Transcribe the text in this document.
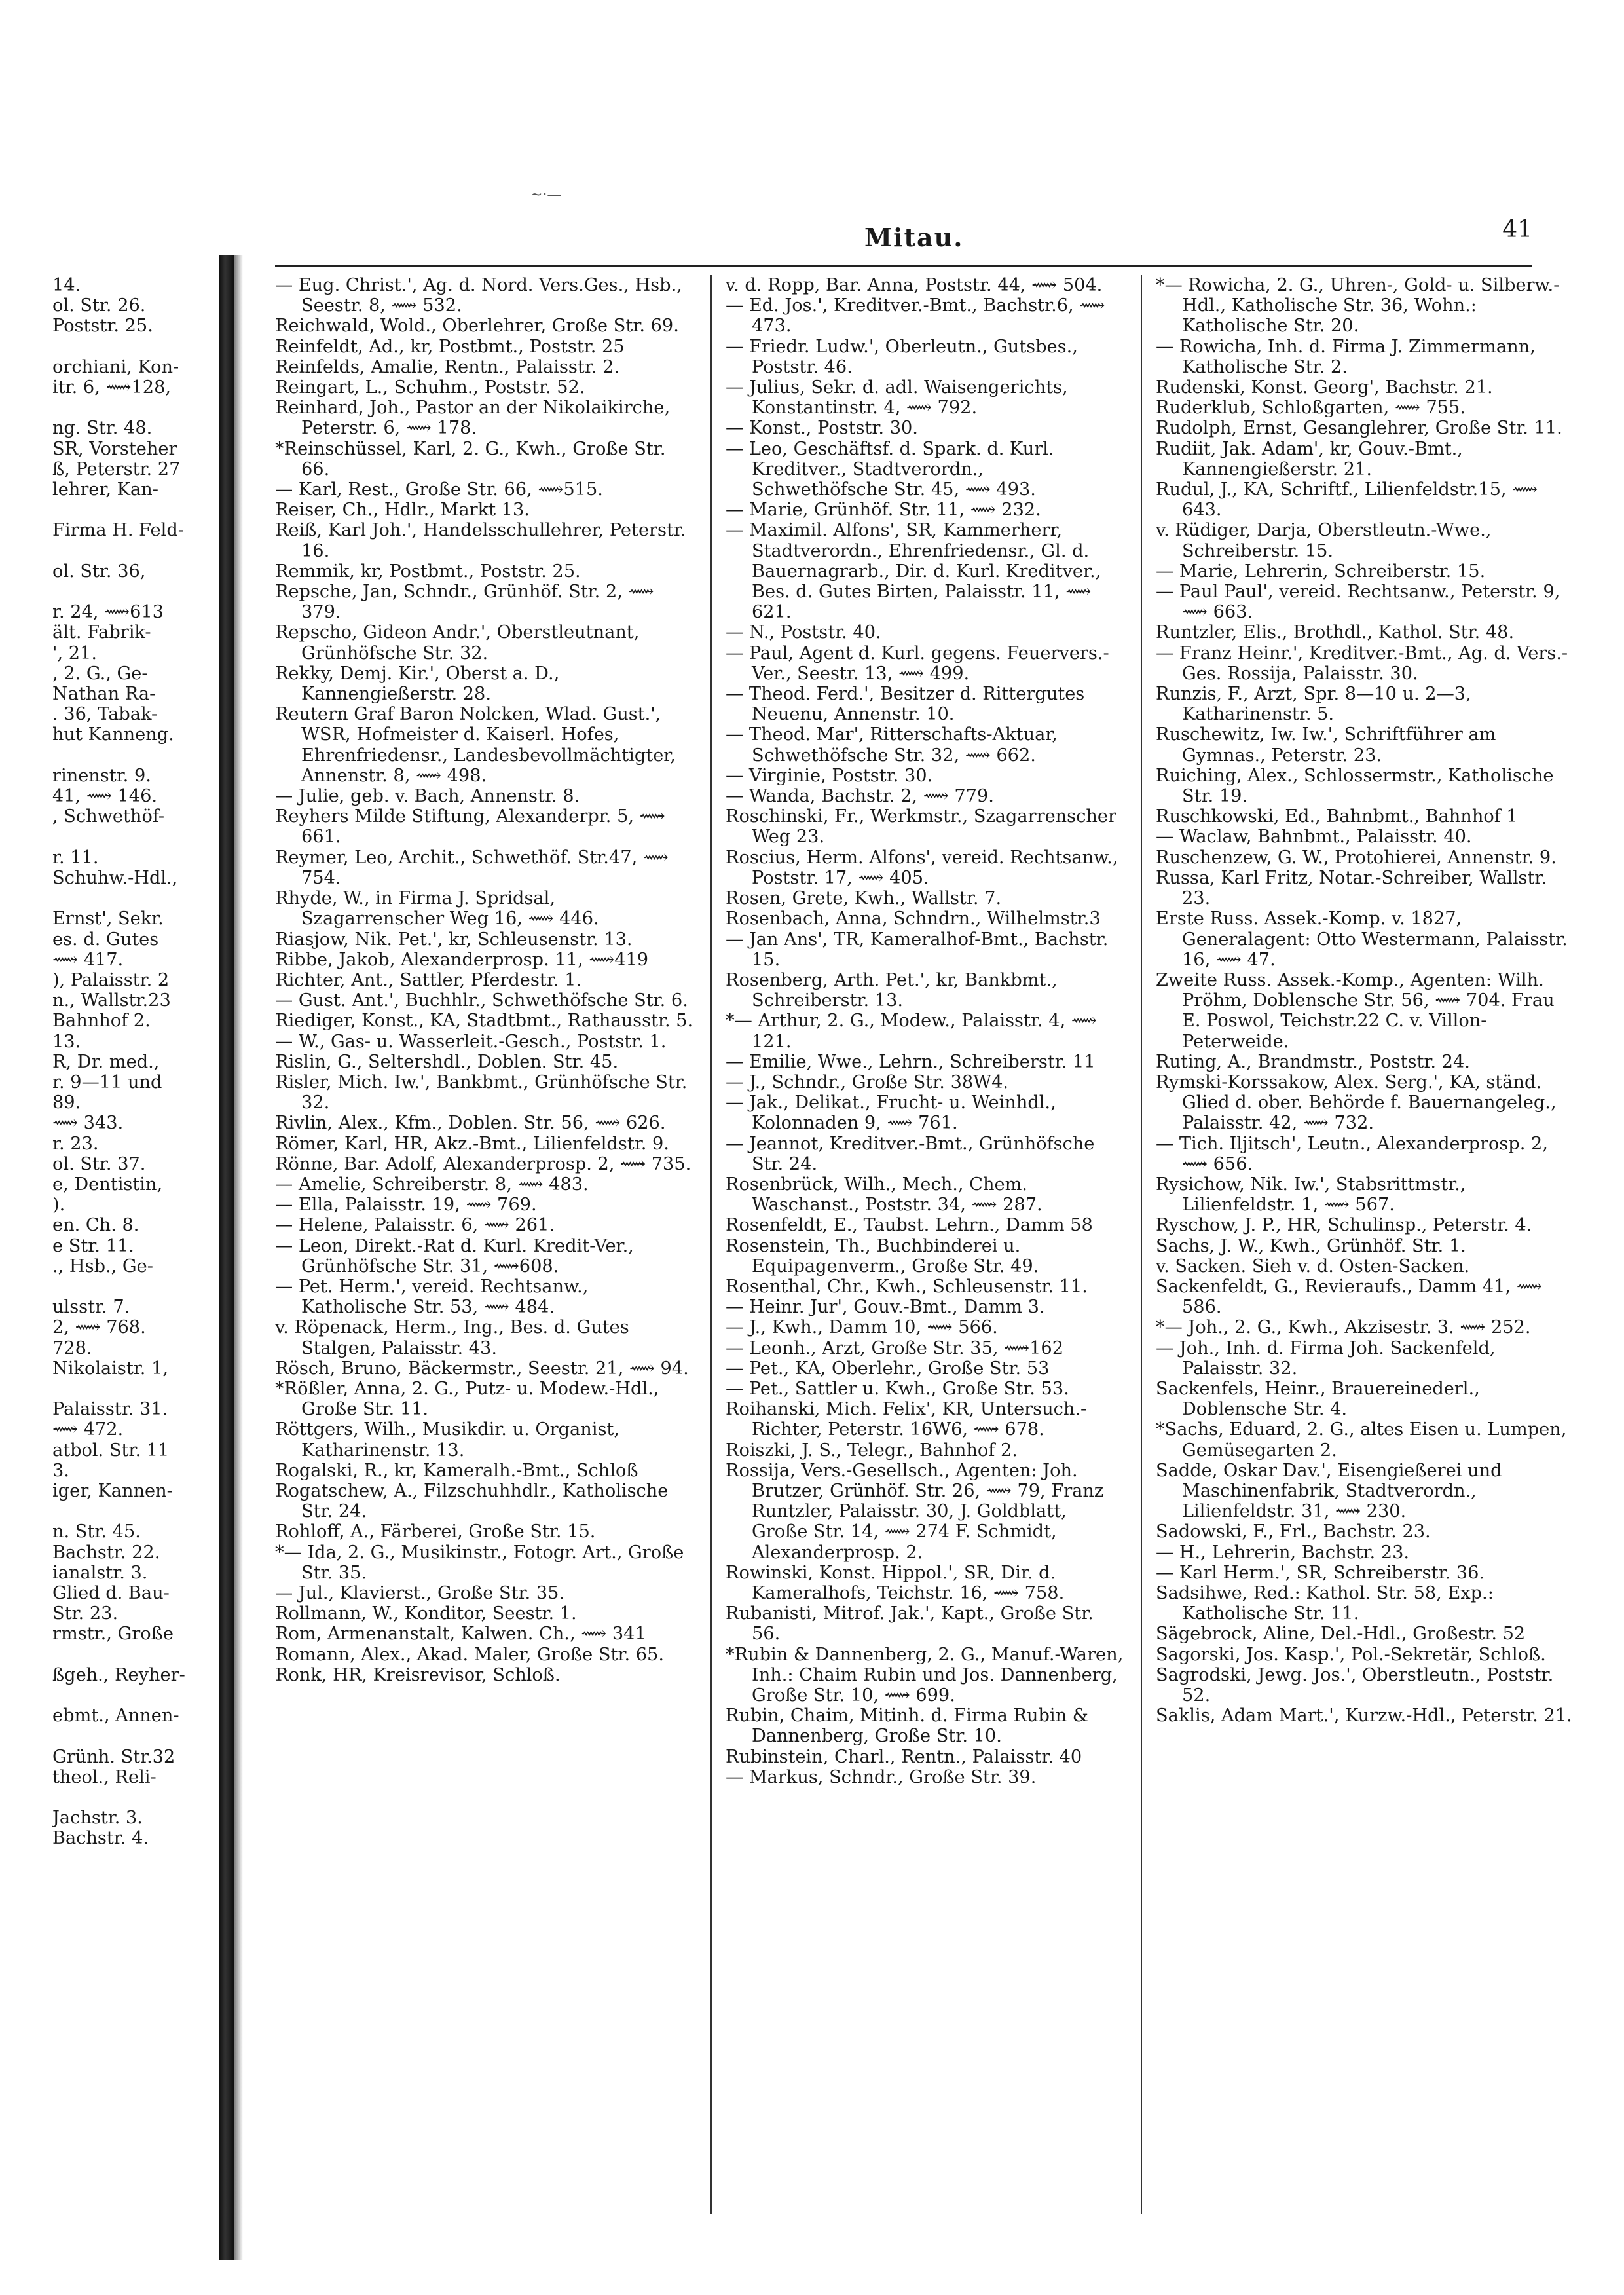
~·—
Mitau.	41

14.

ol. Str. 26.

Poststr. 25.

orchiani, Kon-

itr. 6, ⟿128,

ng. Str. 48.

SR, Vorsteher

ß, Peterstr. 27

lehrer, Kan-

Firma H. Feld-

ol. Str. 36,

r. 24, ⟿613

ält. Fabrik-

', 21.

, 2. G., Ge-

Nathan Ra-

. 36, Tabak-

hut Kanneng.

rinenstr. 9.

41, ⟿ 146.

, Schwethöf-

r. 11.

Schuhw.-Hdl.,

Ernst', Sekr.

es. d. Gutes

⟿ 417.

), Palaisstr. 2

n., Wallstr.23

Bahnhof 2.

13.

R, Dr. med.,

r. 9—11 und

89.

⟿ 343.

r. 23.

ol. Str. 37.

e, Dentistin,

).

en. Ch. 8.

e Str. 11.

., Hsb., Ge-

ulsstr. 7.

2, ⟿ 768.

728.

Nikolaistr. 1,

Palaisstr. 31.

⟿ 472.

atbol. Str. 11

3.

iger, Kannen-

n. Str. 45.

Bachstr. 22.

ianalstr. 3.

Glied d. Bau-

Str. 23.

rmstr., Große

ßgeh., Reyher-

ebmt., Annen-

Grünh. Str.32

theol., Reli-

Jachstr. 3.

Bachstr. 4.

— Eug. Christ.', Ag. d. Nord. Vers.Ges., Hsb., Seestr. 8, ⟿ 532.

Reichwald, Wold., Oberlehrer, Große Str. 69.

Reinfeldt, Ad., kr, Postbmt., Poststr. 25

Reinfelds, Amalie, Rentn., Palaisstr. 2.

Reingart, L., Schuhm., Poststr. 52.

Reinhard, Joh., Pastor an der Nikolaikirche, Peterstr. 6, ⟿ 178.

*Reinschüssel, Karl, 2. G., Kwh., Große Str. 66.

— Karl, Rest., Große Str. 66, ⟿515.

Reiser, Ch., Hdlr., Markt 13.

Reiß, Karl Joh.', Handelsschullehrer, Peterstr. 16.

Remmik, kr, Postbmt., Poststr. 25.

Repsche, Jan, Schndr., Grünhöf. Str. 2, ⟿ 379.

Repscho, Gideon Andr.', Oberstleutnant, Grünhöfsche Str. 32.

Rekky, Demj. Kir.', Oberst a. D., Kannengießerstr. 28.

Reutern Graf Baron Nolcken, Wlad. Gust.', WSR, Hofmeister d. Kaiserl. Hofes, Ehrenfriedensr., Landesbevollmächtigter, Annenstr. 8, ⟿ 498.

— Julie, geb. v. Bach, Annenstr. 8.

Reyhers Milde Stiftung, Alexanderpr. 5, ⟿ 661.

Reymer, Leo, Archit., Schwethöf. Str.47, ⟿ 754.

Rhyde, W., in Firma J. Spridsal, Szagarrenscher Weg 16, ⟿ 446.

Riasjow, Nik. Pet.', kr, Schleusenstr. 13.

Ribbe, Jakob, Alexanderprosp. 11, ⟿419

Richter, Ant., Sattler, Pferdestr. 1.

— Gust. Ant.', Buchhlr., Schwethöfsche Str. 6.

Riediger, Konst., KA, Stadtbmt., Rathausstr. 5.

— W., Gas- u. Wasserleit.-Gesch., Poststr. 1.

Rislin, G., Seltershdl., Doblen. Str. 45.

Risler, Mich. Iw.', Bankbmt., Grünhöfsche Str. 32.

Rivlin, Alex., Kfm., Doblen. Str. 56, ⟿ 626.

Römer, Karl, HR, Akz.-Bmt., Lilienfeldstr. 9.

Rönne, Bar. Adolf, Alexanderprosp. 2, ⟿ 735.

— Amelie, Schreiberstr. 8, ⟿ 483.

— Ella, Palaisstr. 19, ⟿ 769.

— Helene, Palaisstr. 6, ⟿ 261.

— Leon, Direkt.-Rat d. Kurl. Kredit-Ver., Grünhöfsche Str. 31, ⟿608.

— Pet. Herm.', vereid. Rechtsanw., Katholische Str. 53, ⟿ 484.

v. Röpenack, Herm., Ing., Bes. d. Gutes Stalgen, Palaisstr. 43.

Rösch, Bruno, Bäckermstr., Seestr. 21, ⟿ 94.

*Rößler, Anna, 2. G., Putz- u. Modew.-Hdl., Große Str. 11.

Röttgers, Wilh., Musikdir. u. Organist, Katharinenstr. 13.

Rogalski, R., kr, Kameralh.-Bmt., Schloß

Rogatschew, A., Filzschuhhdlr., Katholische Str. 24.

Rohloff, A., Färberei, Große Str. 15.

*— Ida, 2. G., Musikinstr., Fotogr. Art., Große Str. 35.

— Jul., Klavierst., Große Str. 35.

Rollmann, W., Konditor, Seestr. 1.

Rom, Armenanstalt, Kalwen. Ch., ⟿ 341

Romann, Alex., Akad. Maler, Große Str. 65.

Ronk, HR, Kreisrevisor, Schloß.

v. d. Ropp, Bar. Anna, Poststr. 44, ⟿ 504.

— Ed. Jos.', Kreditver.-Bmt., Bachstr.6, ⟿ 473.

— Friedr. Ludw.', Oberleutn., Gutsbes., Poststr. 46.

— Julius, Sekr. d. adl. Waisengerichts, Konstantinstr. 4, ⟿ 792.

— Konst., Poststr. 30.

— Leo, Geschäftsf. d. Spark. d. Kurl. Kreditver., Stadtverordn., Schwethöfsche Str. 45, ⟿ 493.

— Marie, Grünhöf. Str. 11, ⟿ 232.

— Maximil. Alfons', SR, Kammerherr, Stadtverordn., Ehrenfriedensr., Gl. d. Bauernagrarb., Dir. d. Kurl. Kreditver., Bes. d. Gutes Birten, Palaisstr. 11, ⟿ 621.

— N., Poststr. 40.

— Paul, Agent d. Kurl. gegens. Feuervers.-Ver., Seestr. 13, ⟿ 499.

— Theod. Ferd.', Besitzer d. Rittergutes Neuenu, Annenstr. 10.

— Theod. Mar', Ritterschafts-Aktuar, Schwethöfsche Str. 32, ⟿ 662.

— Virginie, Poststr. 30.

— Wanda, Bachstr. 2, ⟿ 779.

Roschinski, Fr., Werkmstr., Szagarrenscher Weg 23.

Roscius, Herm. Alfons', vereid. Rechtsanw., Poststr. 17, ⟿ 405.

Rosen, Grete, Kwh., Wallstr. 7.

Rosenbach, Anna, Schndrn., Wilhelmstr.3

— Jan Ans', TR, Kameralhof-Bmt., Bachstr. 15.

Rosenberg, Arth. Pet.', kr, Bankbmt., Schreiberstr. 13.

*— Arthur, 2. G., Modew., Palaisstr. 4, ⟿ 121.

— Emilie, Wwe., Lehrn., Schreiberstr. 11

— J., Schndr., Große Str. 38W4.

— Jak., Delikat., Frucht- u. Weinhdl., Kolonnaden 9, ⟿ 761.

— Jeannot, Kreditver.-Bmt., Grünhöfsche Str. 24.

Rosenbrück, Wilh., Mech., Chem. Waschanst., Poststr. 34, ⟿ 287.

Rosenfeldt, E., Taubst. Lehrn., Damm 58

Rosenstein, Th., Buchbinderei u. Equipagenverm., Große Str. 49.

Rosenthal, Chr., Kwh., Schleusenstr. 11.

— Heinr. Jur', Gouv.-Bmt., Damm 3.

— J., Kwh., Damm 10, ⟿ 566.

— Leonh., Arzt, Große Str. 35, ⟿162

— Pet., KA, Oberlehr., Große Str. 53

— Pet., Sattler u. Kwh., Große Str. 53.

Roihanski, Mich. Felix', KR, Untersuch.-Richter, Peterstr. 16W6, ⟿ 678.

Roiszki, J. S., Telegr., Bahnhof 2.

Rossija, Vers.-Gesellsch., Agenten: Joh. Brutzer, Grünhöf. Str. 26, ⟿ 79, Franz Runtzler, Palaisstr. 30, J. Goldblatt, Große Str. 14, ⟿ 274 F. Schmidt, Alexanderprosp. 2.

Rowinski, Konst. Hippol.', SR, Dir. d. Kameralhofs, Teichstr. 16, ⟿ 758.

Rubanisti, Mitrof. Jak.', Kapt., Große Str. 56.

*Rubin & Dannenberg, 2. G., Manuf.-Waren, Inh.: Chaim Rubin und Jos. Dannenberg, Große Str. 10, ⟿ 699.

Rubin, Chaim, Mitinh. d. Firma Rubin & Dannenberg, Große Str. 10.

Rubinstein, Charl., Rentn., Palaisstr. 40

— Markus, Schndr., Große Str. 39.

*— Rowicha, 2. G., Uhren-, Gold- u. Silberw.-Hdl., Katholische Str. 36, Wohn.: Katholische Str. 20.

— Rowicha, Inh. d. Firma J. Zimmermann, Katholische Str. 2.

Rudenski, Konst. Georg', Bachstr. 21.

Ruderklub, Schloßgarten, ⟿ 755.

Rudolph, Ernst, Gesanglehrer, Große Str. 11.

Rudiit, Jak. Adam', kr, Gouv.-Bmt., Kannengießerstr. 21.

Rudul, J., KA, Schriftf., Lilienfeldstr.15, ⟿ 643.

v. Rüdiger, Darja, Oberstleutn.-Wwe., Schreiberstr. 15.

— Marie, Lehrerin, Schreiberstr. 15.

— Paul Paul', vereid. Rechtsanw., Peterstr. 9, ⟿ 663.

Runtzler, Elis., Brothdl., Kathol. Str. 48.

— Franz Heinr.', Kreditver.-Bmt., Ag. d. Vers.-Ges. Rossija, Palaisstr. 30.

Runzis, F., Arzt, Spr. 8—10 u. 2—3, Katharinenstr. 5.

Ruschewitz, Iw. Iw.', Schriftführer am Gymnas., Peterstr. 23.

Ruiching, Alex., Schlossermstr., Katholische Str. 19.

Ruschkowski, Ed., Bahnbmt., Bahnhof 1

— Waclaw, Bahnbmt., Palaisstr. 40.

Ruschenzew, G. W., Protohierei, Annenstr. 9.

Russa, Karl Fritz, Notar.-Schreiber, Wallstr. 23.

Erste Russ. Assek.-Komp. v. 1827, Generalagent: Otto Westermann, Palaisstr. 16, ⟿ 47.

Zweite Russ. Assek.-Komp., Agenten: Wilh. Pröhm, Doblensche Str. 56, ⟿ 704. Frau E. Poswol, Teichstr.22 C. v. Villon-Peterweide.

Ruting, A., Brandmstr., Poststr. 24.

Rymski-Korssakow, Alex. Serg.', KA, ständ. Glied d. ober. Behörde f. Bauernangeleg., Palaisstr. 42, ⟿ 732.

— Tich. Iljitsch', Leutn., Alexanderprosp. 2, ⟿ 656.

Rysichow, Nik. Iw.', Stabsrittmstr., Lilienfeldstr. 1, ⟿ 567.

Ryschow, J. P., HR, Schulinsp., Peterstr. 4.

Sachs, J. W., Kwh., Grünhöf. Str. 1.

v. Sacken. Sieh v. d. Osten-Sacken.

Sackenfeldt, G., Revieraufs., Damm 41, ⟿ 586.

*— Joh., 2. G., Kwh., Akzisestr. 3. ⟿ 252.

— Joh., Inh. d. Firma Joh. Sackenfeld, Palaisstr. 32.

Sackenfels, Heinr., Brauereinederl., Doblensche Str. 4.

*Sachs, Eduard, 2. G., altes Eisen u. Lumpen, Gemüsegarten 2.

Sadde, Oskar Dav.', Eisengießerei und Maschinenfabrik, Stadtverordn., Lilienfeldstr. 31, ⟿ 230.

Sadowski, F., Frl., Bachstr. 23.

— H., Lehrerin, Bachstr. 23.

— Karl Herm.', SR, Schreiberstr. 36.

Sadsihwe, Red.: Kathol. Str. 58, Exp.: Katholische Str. 11.

Sägebrock, Aline, Del.-Hdl., Großestr. 52

Sagorski, Jos. Kasp.', Pol.-Sekretär, Schloß.

Sagrodski, Jewg. Jos.', Oberstleutn., Poststr. 52.

Saklis, Adam Mart.', Kurzw.-Hdl., Peterstr. 21.
